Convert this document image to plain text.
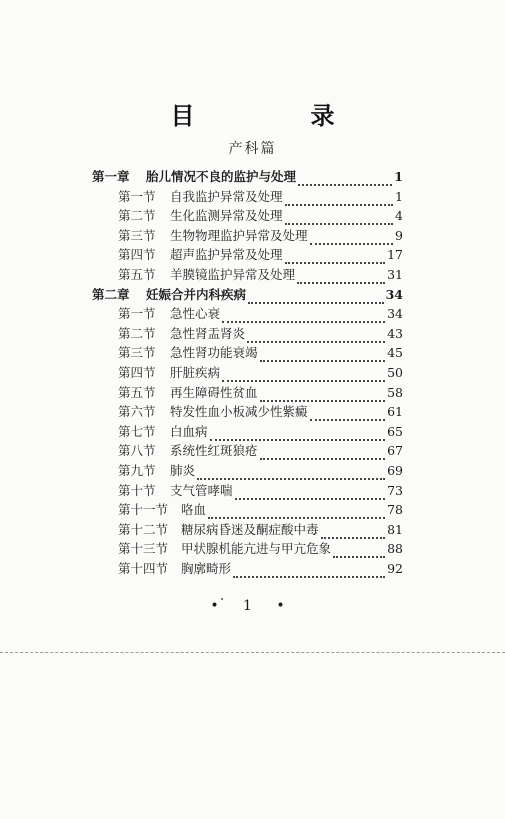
目　录
产科篇
第一章	胎儿情况不良的监护与处理	1
第一节	自我监护异常及处理	1
第二节	生化监测异常及处理	4
第三节	生物物理监护异常及处理	9
第四节	超声监护异常及处理	17
第五节	羊膜镜监护异常及处理	31
第二章	妊娠合并内科疾病	34
第一节	急性心衰	34
第二节	急性肾盂肾炎	43
第三节	急性肾功能衰竭	45
第四节	肝脏疾病	50
第五节	再生障碍性贫血	58
第六节	特发性血小板减少性紫癜	61
第七节	白血病	65
第八节	系统性红斑狼疮	67
第九节	肺炎	69
第十节	支气管哮喘	73
第十一节	咯血	78
第十二节	糖尿病昏迷及酮症酸中毒	81
第十三节	甲状腺机能亢进与甲亢危象	88
第十四节	胸廓畸形	92
• 1 •
